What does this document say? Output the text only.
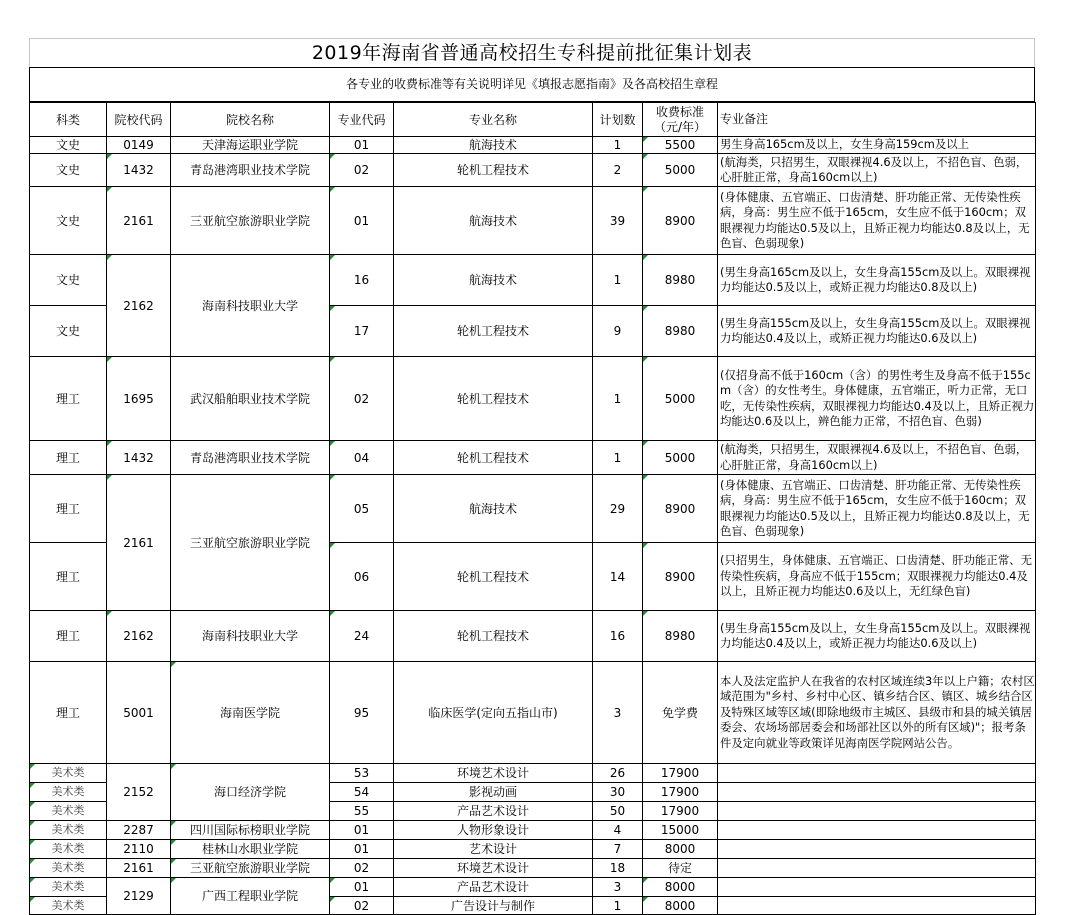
2019年海南省普通高校招生专科提前批征集计划表
各专业的收费标准等有关说明详见《填报志愿指南》及各高校招生章程
科类	院校代码	院校名称	专业代码	专业名称	计划数	收费标准（元/年）	专业备注
文史	0149	天津海运职业学院	01	航海技术	1	5500	男生身高165cm及以上，女生身高159cm及以上
文史	1432	青岛港湾职业技术学院	02	轮机工程技术	2	5000	(航海类，只招男生，双眼裸视4.6及以上，不招色盲、色弱，心肝脏正常，身高160cm以上)
文史	2161	三亚航空旅游职业学院	01	航海技术	39	8900	(身体健康、五官端正、口齿清楚、肝功能正常、无传染性疾病，身高：男生应不低于165cm，女生应不低于160cm；双眼裸视力均能达0.5及以上，且矫正视力均能达0.8及以上，无色盲、色弱现象)
文史	2162	海南科技职业大学	16	航海技术	1	8980	(男生身高165cm及以上，女生身高155cm及以上。双眼裸视力均能达0.5及以上，或矫正视力均能达0.8及以上)
文史			17	轮机工程技术	9	8980	(男生身高155cm及以上，女生身高155cm及以上。双眼裸视力均能达0.4及以上，或矫正视力均能达0.6及以上)
理工	1695	武汉船舶职业技术学院	02	轮机工程技术	1	5000	(仅招身高不低于160cm（含）的男性考生及身高不低于155cm（含）的女性考生。身体健康，五官端正，听力正常，无口吃，无传染性疾病，双眼裸视力均能达0.4及以上，且矫正视力均能达0.6及以上，辨色能力正常，不招色盲、色弱)
理工	1432	青岛港湾职业技术学院	04	轮机工程技术	1	5000	(航海类，只招男生，双眼裸视4.6及以上，不招色盲、色弱，心肝脏正常，身高160cm以上)
理工	2161	三亚航空旅游职业学院	05	航海技术	29	8900	(身体健康、五官端正、口齿清楚、肝功能正常、无传染性疾病，身高：男生应不低于165cm，女生应不低于160cm；双眼裸视力均能达0.5及以上，且矫正视力均能达0.8及以上，无色盲、色弱现象)
理工			06	轮机工程技术	14	8900	(只招男生，身体健康、五官端正、口齿清楚、肝功能正常、无传染性疾病，身高应不低于155cm；双眼裸视力均能达0.4及以上，且矫正视力均能达0.6及以上，无红绿色盲)
理工	2162	海南科技职业大学	24	轮机工程技术	16	8980	(男生身高155cm及以上，女生身高155cm及以上。双眼裸视力均能达0.4及以上，或矫正视力均能达0.6及以上)
理工	5001	海南医学院	95	临床医学(定向五指山市)	3	免学费	本人及法定监护人在我省的农村区域连续3年以上户籍；农村区域范围为"乡村、乡村中心区、镇乡结合区、镇区、城乡结合区及特殊区域等区域(即除地级市主城区、县级市和县的城关镇居委会、农场场部居委会和场部社区以外的所有区域)"；报考条件及定向就业等政策详见海南医学院网站公告。
美术类	2152	海口经济学院	53	环境艺术设计	26	17900	
美术类			54	影视动画	30	17900	
美术类			55	产品艺术设计	50	17900	
美术类	2287	四川国际标榜职业学院	01	人物形象设计	4	15000	
美术类	2110	桂林山水职业学院	01	艺术设计	7	8000	
美术类	2161	三亚航空旅游职业学院	02	环境艺术设计	18	待定	
美术类	2129	广西工程职业学院	01	产品艺术设计	3	8000	
美术类			02	广告设计与制作	1	8000	
